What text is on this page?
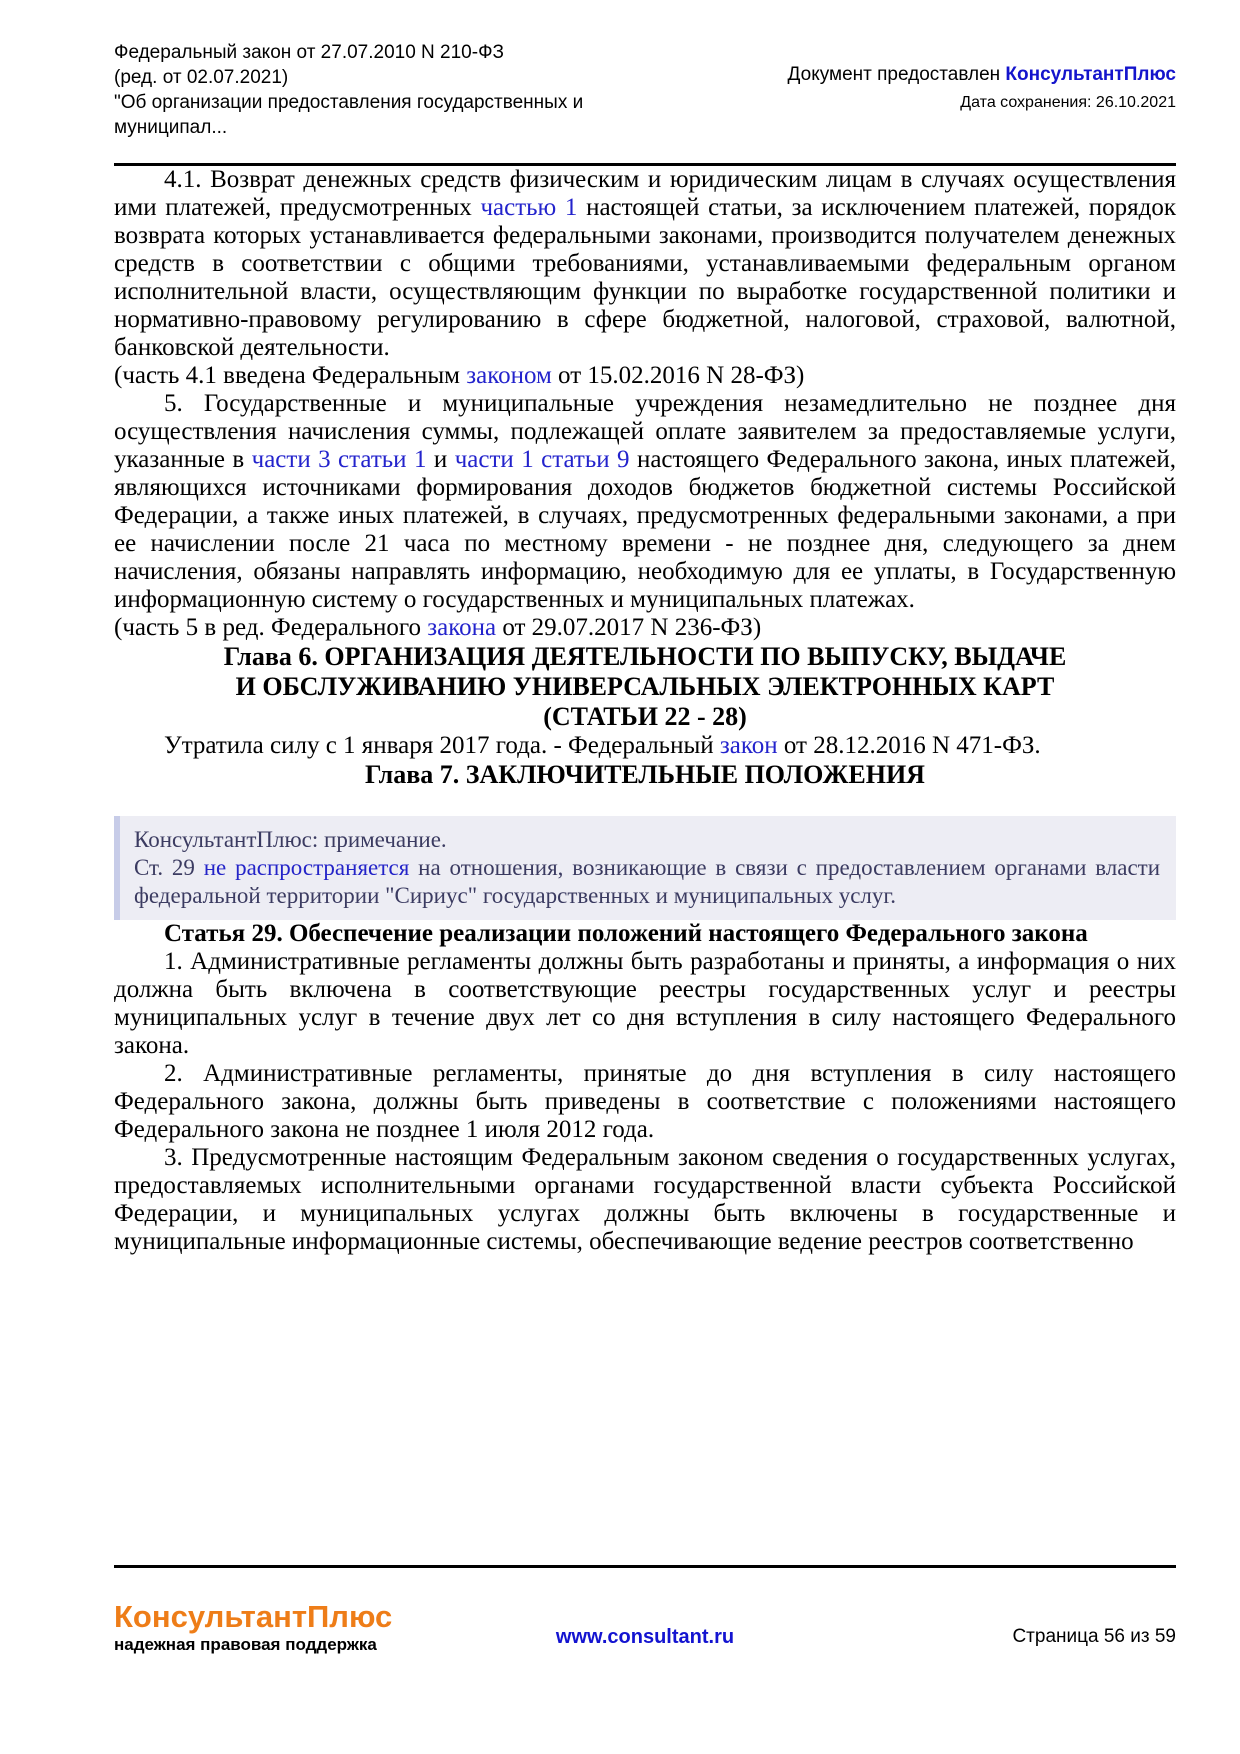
Федеральный закон от 27.07.2010 N 210-ФЗ
(ред. от 02.07.2021)
"Об организации предоставления государственных и
муниципал...
Документ предоставлен КонсультантПлюс
Дата сохранения: 26.10.2021

4.1. Возврат денежных средств физическим и юридическим лицам в случаях осуществления ими платежей, предусмотренных частью 1 настоящей статьи, за исключением платежей, порядок возврата которых устанавливается федеральными законами, производится получателем денежных средств в соответствии с общими требованиями, устанавливаемыми федеральным органом исполнительной власти, осуществляющим функции по выработке государственной политики и нормативно-правовому регулированию в сфере бюджетной, налоговой, страховой, валютной, банковской деятельности.

(часть 4.1 введена Федеральным законом от 15.02.2016 N 28-ФЗ)

5. Государственные и муниципальные учреждения незамедлительно не позднее дня осуществления начисления суммы, подлежащей оплате заявителем за предоставляемые услуги, указанные в части 3 статьи 1 и части 1 статьи 9 настоящего Федерального закона, иных платежей, являющихся источниками формирования доходов бюджетов бюджетной системы Российской Федерации, а также иных платежей, в случаях, предусмотренных федеральными законами, а при ее начислении после 21 часа по местному времени - не позднее дня, следующего за днем начисления, обязаны направлять информацию, необходимую для ее уплаты, в Государственную информационную систему о государственных и муниципальных платежах.

(часть 5 в ред. Федерального закона от 29.07.2017 N 236-ФЗ)

Глава 6. ОРГАНИЗАЦИЯ ДЕЯТЕЛЬНОСТИ ПО ВЫПУСКУ, ВЫДАЧЕ
И ОБСЛУЖИВАНИЮ УНИВЕРСАЛЬНЫХ ЭЛЕКТРОННЫХ КАРТ
(СТАТЬИ 22 - 28)

Утратила силу с 1 января 2017 года. - Федеральный закон от 28.12.2016 N 471-ФЗ.

Глава 7. ЗАКЛЮЧИТЕЛЬНЫЕ ПОЛОЖЕНИЯ

КонсультантПлюс: примечание.
Ст. 29 не распространяется на отношения, возникающие в связи с предоставлением органами власти федеральной территории "Сириус" государственных и муниципальных услуг.

Статья 29. Обеспечение реализации положений настоящего Федерального закона

1. Административные регламенты должны быть разработаны и приняты, а информация о них должна быть включена в соответствующие реестры государственных услуг и реестры муниципальных услуг в течение двух лет со дня вступления в силу настоящего Федерального закона.

2. Административные регламенты, принятые до дня вступления в силу настоящего Федерального закона, должны быть приведены в соответствие с положениями настоящего Федерального закона не позднее 1 июля 2012 года.

3. Предусмотренные настоящим Федеральным законом сведения о государственных услугах, предоставляемых исполнительными органами государственной власти субъекта Российской Федерации, и муниципальных услугах должны быть включены в государственные и муниципальные информационные системы, обеспечивающие ведение реестров соответственно

КонсультантПлюс
надежная правовая поддержка	www.consultant.ru	Страница 56 из 59
